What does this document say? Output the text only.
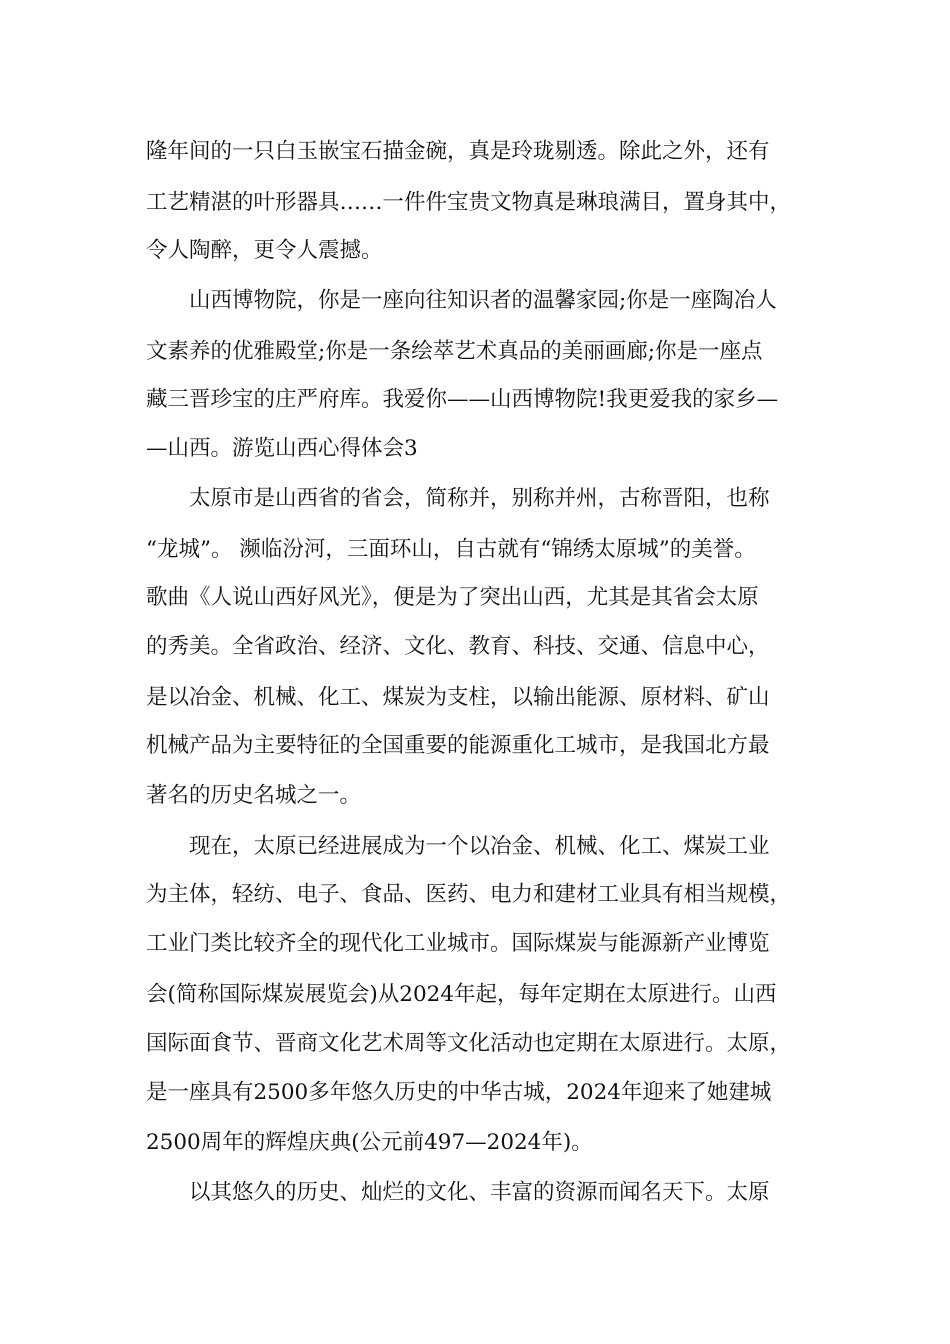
隆年间的一只白玉嵌宝石描金碗，真是玲珑剔透。除此之外，还有

工艺精湛的叶形器具……一件件宝贵文物真是琳琅满目，置身其中，

令人陶醉，更令人震撼。

山西博物院，你是一座向往知识者的温馨家园;你是一座陶冶人

文素养的优雅殿堂;你是一条绘萃艺术真品的美丽画廊;你是一座点

藏三晋珍宝的庄严府库。我爱你——山西博物院!我更爱我的家乡—

—山西。游览山西心得体会3

太原市是山西省的省会，简称并，别称并州，古称晋阳，也称

“龙城”。 濒临汾河，三面环山，自古就有“锦绣太原城”的美誉。

歌曲《人说山西好风光》，便是为了突出山西，尤其是其省会太原

的秀美。全省政治、经济、文化、教育、科技、交通、信息中心，

是以冶金、机械、化工、煤炭为支柱，以输出能源、原材料、矿山

机械产品为主要特征的全国重要的能源重化工城市，是我国北方最

著名的历史名城之一。

现在，太原已经进展成为一个以冶金、机械、化工、煤炭工业

为主体，轻纺、电子、食品、医药、电力和建材工业具有相当规模，

工业门类比较齐全的现代化工业城市。国际煤炭与能源新产业博览

会(简称国际煤炭展览会)从2024年起，每年定期在太原进行。山西

国际面食节、晋商文化艺术周等文化活动也定期在太原进行。太原，

是一座具有2500多年悠久历史的中华古城，2024年迎来了她建城

2500周年的辉煌庆典(公元前497—2024年)。

以其悠久的历史、灿烂的文化、丰富的资源而闻名天下。太原
